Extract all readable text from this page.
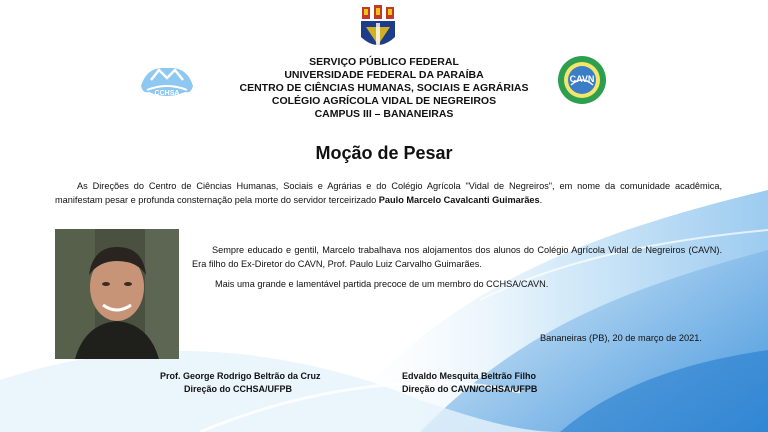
CCHSA
CAVN
SERVIÇO PÚBLICO FEDERAL
UNIVERSIDADE FEDERAL DA PARAÍBA
CENTRO DE CIÊNCIAS HUMANAS, SOCIAIS E AGRÁRIAS
COLÉGIO AGRÍCOLA VIDAL DE NEGREIROS
CAMPUS III – BANANEIRAS
Moção de Pesar
As Direções do Centro de Ciências Humanas, Sociais e Agrárias e do Colégio Agrícola "Vidal de Negreiros", em nome da comunidade acadêmica, manifestam pesar e profunda consternação pela morte do servidor terceirizado Paulo Marcelo Cavalcanti Guimarães.
Sempre educado e gentil, Marcelo trabalhava nos alojamentos dos alunos do Colégio Agrícola Vidal de Negreiros (CAVN). Era filho do Ex-Diretor do CAVN, Prof. Paulo Luiz Carvalho Guimarães.
Mais uma grande e lamentável partida precoce de um membro do CCHSA/CAVN.
Bananeiras (PB), 20 de março de 2021.
Prof. George Rodrigo Beltrão da Cruz
Direção do CCHSA/UFPB
Edvaldo Mesquita Beltrão Filho
Direção do CAVN/CCHSA/UFPB
